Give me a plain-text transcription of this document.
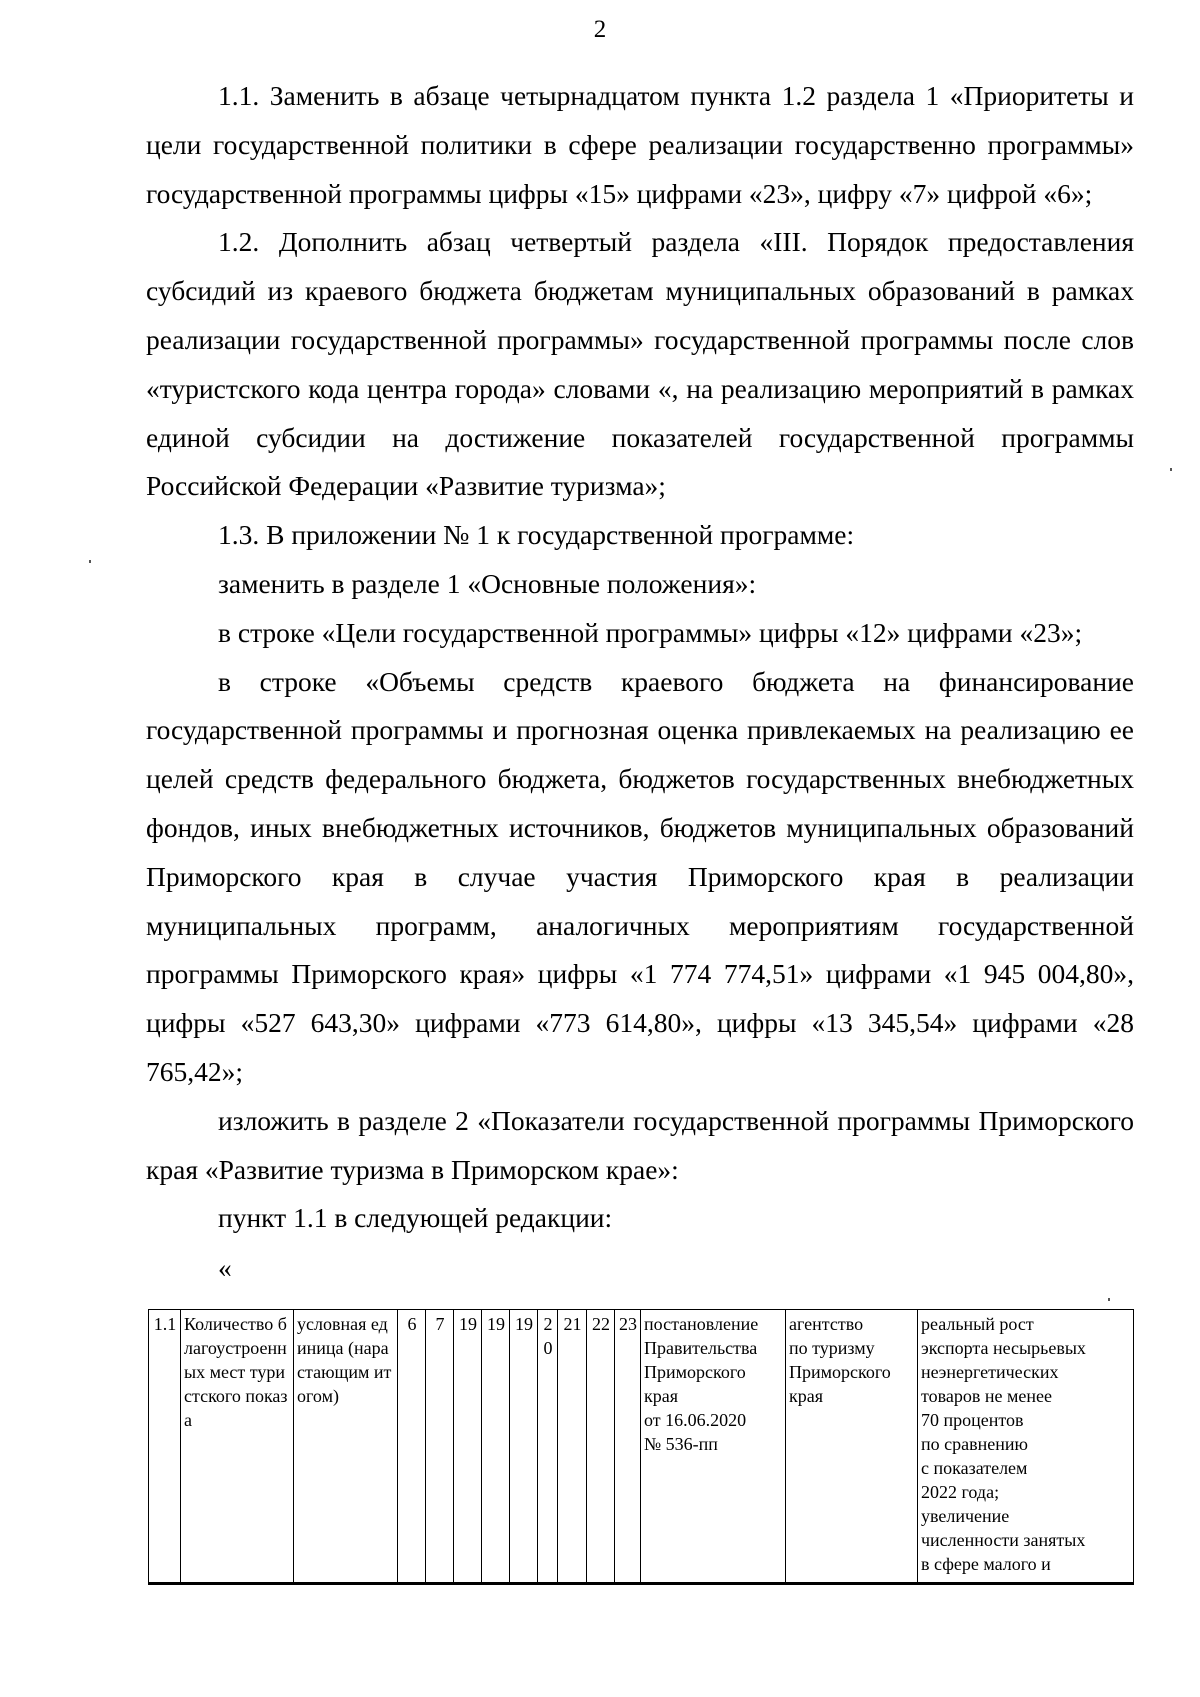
2

1.1. Заменить в абзаце четырнадцатом пункта 1.2 раздела 1 «Приоритеты и цели государственной политики в сфере реализации государственно программы» государственной программы цифры «15» цифрами «23», цифру «7» цифрой «6»;

1.2. Дополнить абзац четвертый раздела «III. Порядок предоставления субсидий из краевого бюджета бюджетам муниципальных образований в рамках реализации государственной программы» государственной программы после слов «туристского кода центра города» словами «, на реализацию мероприятий в рамках единой субсидии на достижение показателей государственной программы Российской Федерации «Развитие туризма»;

1.3. В приложении № 1 к государственной программе:

заменить в разделе 1 «Основные положения»:

в строке «Цели государственной программы» цифры «12» цифрами «23»;

в строке «Объемы средств краевого бюджета на финансирование государственной программы и прогнозная оценка привлекаемых на реализацию ее целей средств федерального бюджета, бюджетов государственных внебюджетных фондов, иных внебюджетных источников, бюджетов муниципальных образований Приморского края в случае участия Приморского края в реализации муниципальных программ, аналогичных мероприятиям государственной программы Приморского края» цифры «1 774 774,51» цифрами «1 945 004,80», цифры «527 643,30» цифрами «773 614,80», цифры «13 345,54» цифрами «28 765,42»;

изложить в разделе 2 «Показатели государственной программы Приморского края «Развитие туризма в Приморском крае»:

пункт 1.1 в следующей редакции:

«

1.1	Количество благоустроенных мест туристского показа	условная единица (нарастающим итогом)	6	7	19	19	19	20	21	22	23	постановление
Правительства
Приморского
края
от 16.06.2020
№ 536-пп	агентство
по туризму
Приморского
края	реальный рост
экспорта несырьевых
неэнергетических
товаров не менее
70 процентов
по сравнению
с показателем
2022 года;
увеличение
численности занятых
в сфере малого и
